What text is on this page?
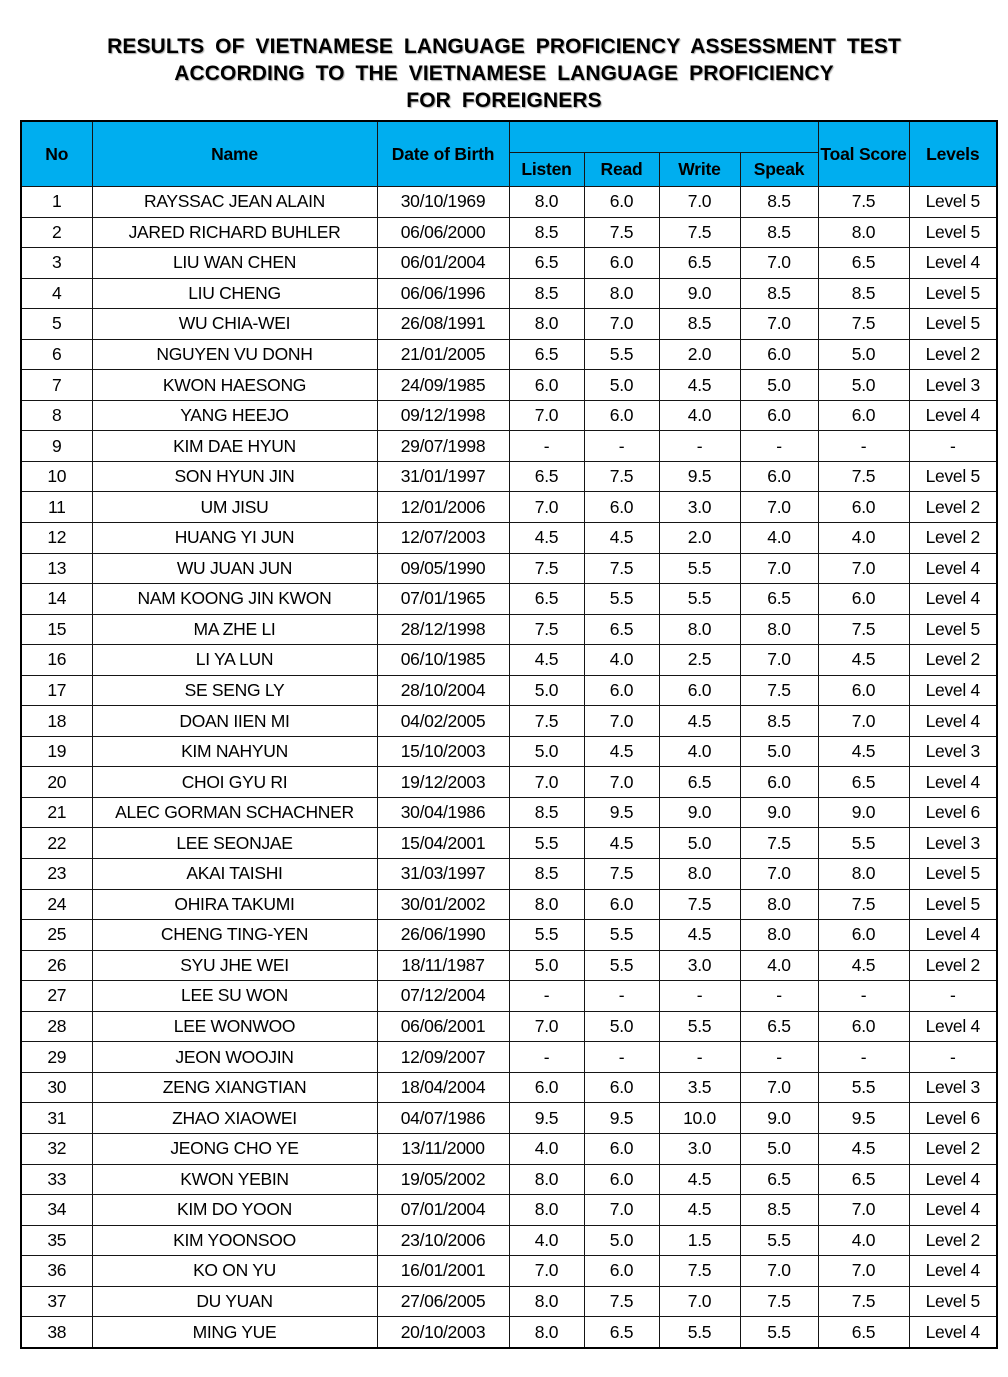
RESULTS OF VIETNAMESE LANGUAGE PROFICIENCY ASSESSMENT TEST
ACCORDING TO THE VIETNAMESE LANGUAGE PROFICIENCY
FOR FOREIGNERS
No	Name	Date of Birth					Toal Score	Levels
			Listen	Read	Write	Speak		
1	RAYSSAC JEAN ALAIN	30/10/1969	8.0	6.0	7.0	8.5	7.5	Level 5
2	JARED RICHARD BUHLER	06/06/2000	8.5	7.5	7.5	8.5	8.0	Level 5
3	LIU WAN CHEN	06/01/2004	6.5	6.0	6.5	7.0	6.5	Level 4
4	LIU CHENG	06/06/1996	8.5	8.0	9.0	8.5	8.5	Level 5
5	WU CHIA-WEI	26/08/1991	8.0	7.0	8.5	7.0	7.5	Level 5
6	NGUYEN VU DONH	21/01/2005	6.5	5.5	2.0	6.0	5.0	Level 2
7	KWON HAESONG	24/09/1985	6.0	5.0	4.5	5.0	5.0	Level 3
8	YANG HEEJO	09/12/1998	7.0	6.0	4.0	6.0	6.0	Level 4
9	KIM DAE HYUN	29/07/1998	-	-	-	-	-	-
10	SON HYUN JIN	31/01/1997	6.5	7.5	9.5	6.0	7.5	Level 5
11	UM JISU	12/01/2006	7.0	6.0	3.0	7.0	6.0	Level 2
12	HUANG YI JUN	12/07/2003	4.5	4.5	2.0	4.0	4.0	Level 2
13	WU JUAN JUN	09/05/1990	7.5	7.5	5.5	7.0	7.0	Level 4
14	NAM KOONG JIN KWON	07/01/1965	6.5	5.5	5.5	6.5	6.0	Level 4
15	MA ZHE LI	28/12/1998	7.5	6.5	8.0	8.0	7.5	Level 5
16	LI YA LUN	06/10/1985	4.5	4.0	2.5	7.0	4.5	Level 2
17	SE SENG LY	28/10/2004	5.0	6.0	6.0	7.5	6.0	Level 4
18	DOAN IIEN MI	04/02/2005	7.5	7.0	4.5	8.5	7.0	Level 4
19	KIM NAHYUN	15/10/2003	5.0	4.5	4.0	5.0	4.5	Level 3
20	CHOI GYU RI	19/12/2003	7.0	7.0	6.5	6.0	6.5	Level 4
21	ALEC GORMAN SCHACHNER	30/04/1986	8.5	9.5	9.0	9.0	9.0	Level 6
22	LEE SEONJAE	15/04/2001	5.5	4.5	5.0	7.5	5.5	Level 3
23	AKAI TAISHI	31/03/1997	8.5	7.5	8.0	7.0	8.0	Level 5
24	OHIRA TAKUMI	30/01/2002	8.0	6.0	7.5	8.0	7.5	Level 5
25	CHENG TING-YEN	26/06/1990	5.5	5.5	4.5	8.0	6.0	Level 4
26	SYU JHE WEI	18/11/1987	5.0	5.5	3.0	4.0	4.5	Level 2
27	LEE SU WON	07/12/2004	-	-	-	-	-	-
28	LEE WONWOO	06/06/2001	7.0	5.0	5.5	6.5	6.0	Level 4
29	JEON WOOJIN	12/09/2007	-	-	-	-	-	-
30	ZENG XIANGTIAN	18/04/2004	6.0	6.0	3.5	7.0	5.5	Level 3
31	ZHAO XIAOWEI	04/07/1986	9.5	9.5	10.0	9.0	9.5	Level 6
32	JEONG CHO YE	13/11/2000	4.0	6.0	3.0	5.0	4.5	Level 2
33	KWON YEBIN	19/05/2002	8.0	6.0	4.5	6.5	6.5	Level 4
34	KIM DO YOON	07/01/2004	8.0	7.0	4.5	8.5	7.0	Level 4
35	KIM YOONSOO	23/10/2006	4.0	5.0	1.5	5.5	4.0	Level 2
36	KO ON YU	16/01/2001	7.0	6.0	7.5	7.0	7.0	Level 4
37	DU YUAN	27/06/2005	8.0	7.5	7.0	7.5	7.5	Level 5
38	MING YUE	20/10/2003	8.0	6.5	5.5	5.5	6.5	Level 4
